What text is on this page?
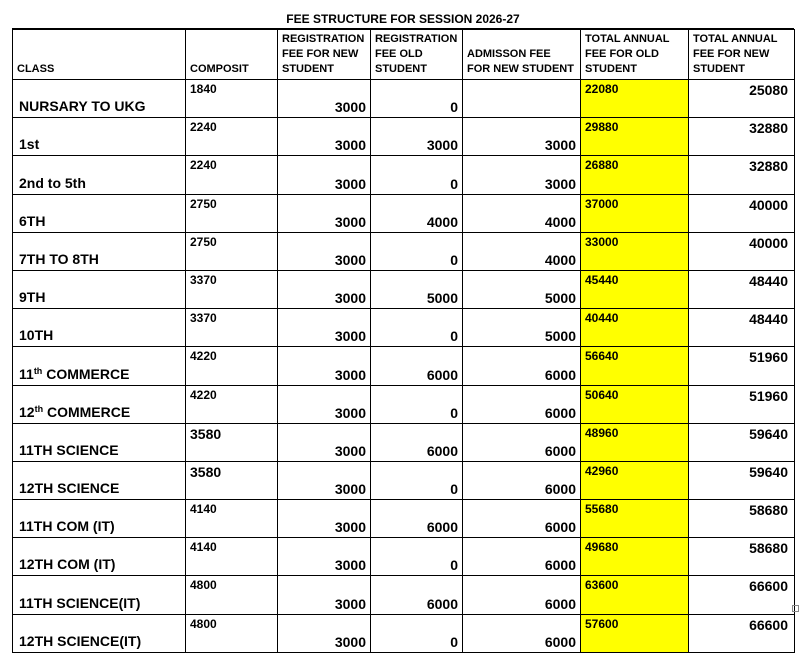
FEE STRUCTURE FOR SESSION 2026-27
CLASS	COMPOSIT	REGISTRATION FEE FOR NEW STUDENT	REGISTRATION FEE OLD STUDENT	ADMISSON FEE FOR NEW STUDENT	TOTAL ANNUAL FEE FOR OLD STUDENT	TOTAL ANNUAL FEE FOR NEW STUDENT
NURSARY TO UKG	1840	3000	0		22080	25080
1st	2240	3000	3000	3000	29880	32880
2nd to 5th	2240	3000	0	3000	26880	32880
6TH	2750	3000	4000	4000	37000	40000
7TH TO 8TH	2750	3000	0	4000	33000	40000
9TH	3370	3000	5000	5000	45440	48440
10TH	3370	3000	0	5000	40440	48440
11th COMMERCE	4220	3000	6000	6000	56640	51960
12th COMMERCE	4220	3000	0	6000	50640	51960
11TH SCIENCE	3580	3000	6000	6000	48960	59640
12TH SCIENCE	3580	3000	0	6000	42960	59640
11TH COM (IT)	4140	3000	6000	6000	55680	58680
12TH COM (IT)	4140	3000	0	6000	49680	58680
11TH SCIENCE(IT)	4800	3000	6000	6000	63600	66600
12TH SCIENCE(IT)	4800	3000	0	6000	57600	66600
